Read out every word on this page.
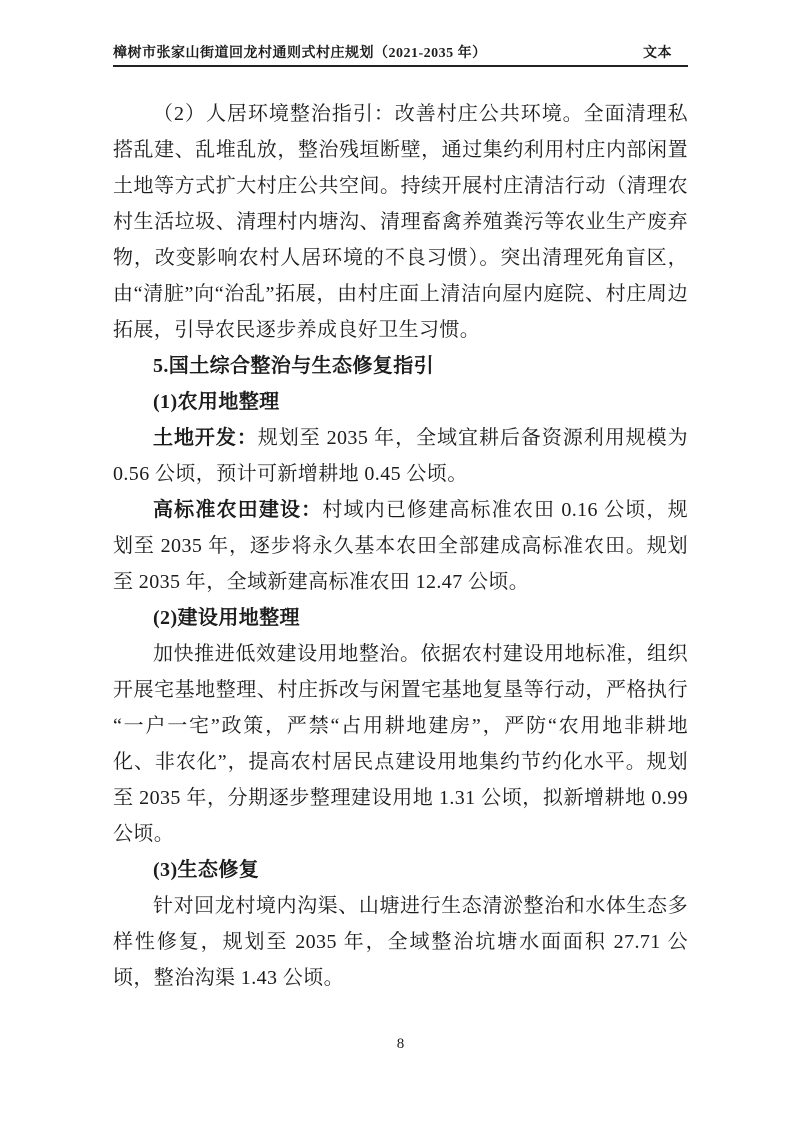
樟树市张家山街道回龙村通则式村庄规划（2021-2035 年）	文本

（2）人居环境整治指引：改善村庄公共环境。全面清理私搭乱建、乱堆乱放，整治残垣断壁，通过集约利用村庄内部闲置土地等方式扩大村庄公共空间。持续开展村庄清洁行动（清理农村生活垃圾、清理村内塘沟、清理畜禽养殖粪污等农业生产废弃物，改变影响农村人居环境的不良习惯）。突出清理死角盲区，由“清脏”向“治乱”拓展，由村庄面上清洁向屋内庭院、村庄周边拓展，引导农民逐步养成良好卫生习惯。

5.国土综合整治与生态修复指引

(1)农用地整理

土地开发：规划至 2035 年，全域宜耕后备资源利用规模为 0.56 公顷，预计可新增耕地 0.45 公顷。

高标准农田建设：村域内已修建高标准农田 0.16 公顷，规划至 2035 年，逐步将永久基本农田全部建成高标准农田。规划至 2035 年，全域新建高标准农田 12.47 公顷。

(2)建设用地整理

加快推进低效建设用地整治。依据农村建设用地标准，组织开展宅基地整理、村庄拆改与闲置宅基地复垦等行动，严格执行“一户一宅”政策，严禁“占用耕地建房”，严防“农用地非耕地化、非农化”，提高农村居民点建设用地集约节约化水平。规划至 2035 年，分期逐步整理建设用地 1.31 公顷，拟新增耕地 0.99 公顷。

(3)生态修复

针对回龙村境内沟渠、山塘进行生态清淤整治和水体生态多样性修复，规划至 2035 年，全域整治坑塘水面面积 27.71 公顷，整治沟渠 1.43 公顷。

8
